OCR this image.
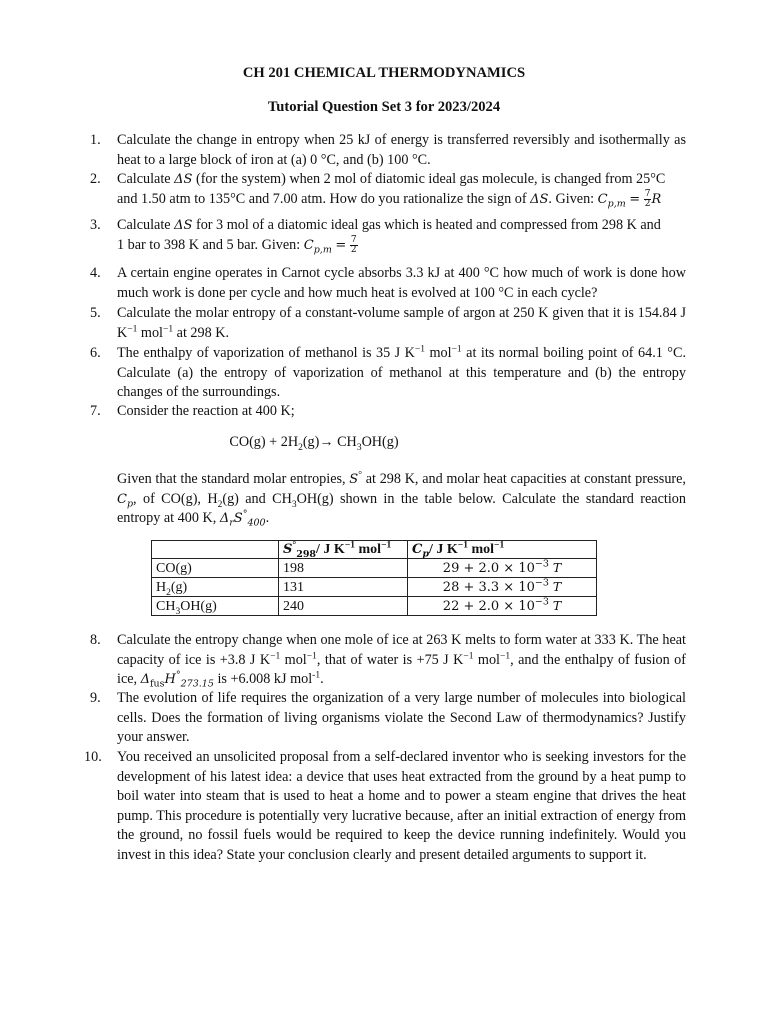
CH 201 CHEMICAL THERMODYNAMICS
Tutorial Question Set 3 for 2023/2024
1.	Calculate the change in entropy when 25 kJ of energy is transferred reversibly and isothermally as heat to a large block of iron at (a) 0 °C, and (b) 100 °C.
2.	Calculate ΔS (for the system) when 2 mol of diatomic ideal gas molecule, is changed from 25°C
and 1.50 atm to 135°C and 7.00 atm. How do you rationalize the sign of ΔS. Given: $C_{p,m} = \frac{7}{2}$ R
3.	Calculate ΔS for 3 mol of a diatomic ideal gas which is heated and compressed from 298 K and
1 bar to 398 K and 5 bar. Given: $C_{p,m} = \frac{7}{2}$
4.	A certain engine operates in Carnot cycle absorbs 3.3 kJ at 400 °C how much of work is done how much work is done per cycle and how much heat is evolved at 100 °C in each cycle?
5.	Calculate the molar entropy of a constant-volume sample of argon at 250 K given that it is 154.84 J $K^{-1}$ mol$^{-1}$ at 298 K.
6.	The enthalpy of vaporization of methanol is 35 J $K^{-1}$ mol$^{-1}$ at its normal boiling point of 64.1 °C. Calculate (a) the entropy of vaporization of methanol at this temperature and (b) the entropy changes of the surroundings.
7.	Consider the reaction at 400 K;
$CO(g) + 2H_2(g)\to CH_3OH(g)$
Given that the standard molar entropies, S° at 298 K, and molar heat capacities at constant pressure, $C_p$, of CO(g), $H_2(g)$ and $CH_3OH(g)$ shown in the table below. Calculate the standard reaction entropy at 400 K, $\Delta_rS^\circ_{400}$.
	$S^\circ_{298}/$ J $K^{-1}$ mol$^{-1}$	$C_p/$ J $K^{-1}$ mol$^{-1}$
CO(g)	198	$29 + 2.0 \times 10^{-3}$ T
$H_2(g)$	131	$28 + 3.3 \times 10^{-3}$ T
$CH_3OH(g)$	240	$22 + 2.0 \times 10^{-3}$ T
8.	Calculate the entropy change when one mole of ice at 263 K melts to form water at 333 K. The heat capacity of ice is +3.8 J $K^{-1}$ mol$^{-1}$, that of water is +75 J $K^{-1}$ mol$^{-1}$, and the enthalpy of fusion of ice, $\Delta_{fus}H^\circ_{273.15}$ is +6.008 kJ mol$^{-1}$.
9.	The evolution of life requires the organization of a very large number of molecules into biological cells. Does the formation of living organisms violate the Second Law of thermodynamics? Justify your answer.
10.	You received an unsolicited proposal from a self-declared inventor who is seeking investors for the development of his latest idea: a device that uses heat extracted from the ground by a heat pump to boil water into steam that is used to heat a home and to power a steam engine that drives the heat pump. This procedure is potentially very lucrative because, after an initial extraction of energy from the ground, no fossil fuels would be required to keep the device running indefinitely. Would you invest in this idea? State your conclusion clearly and present detailed arguments to support it.
